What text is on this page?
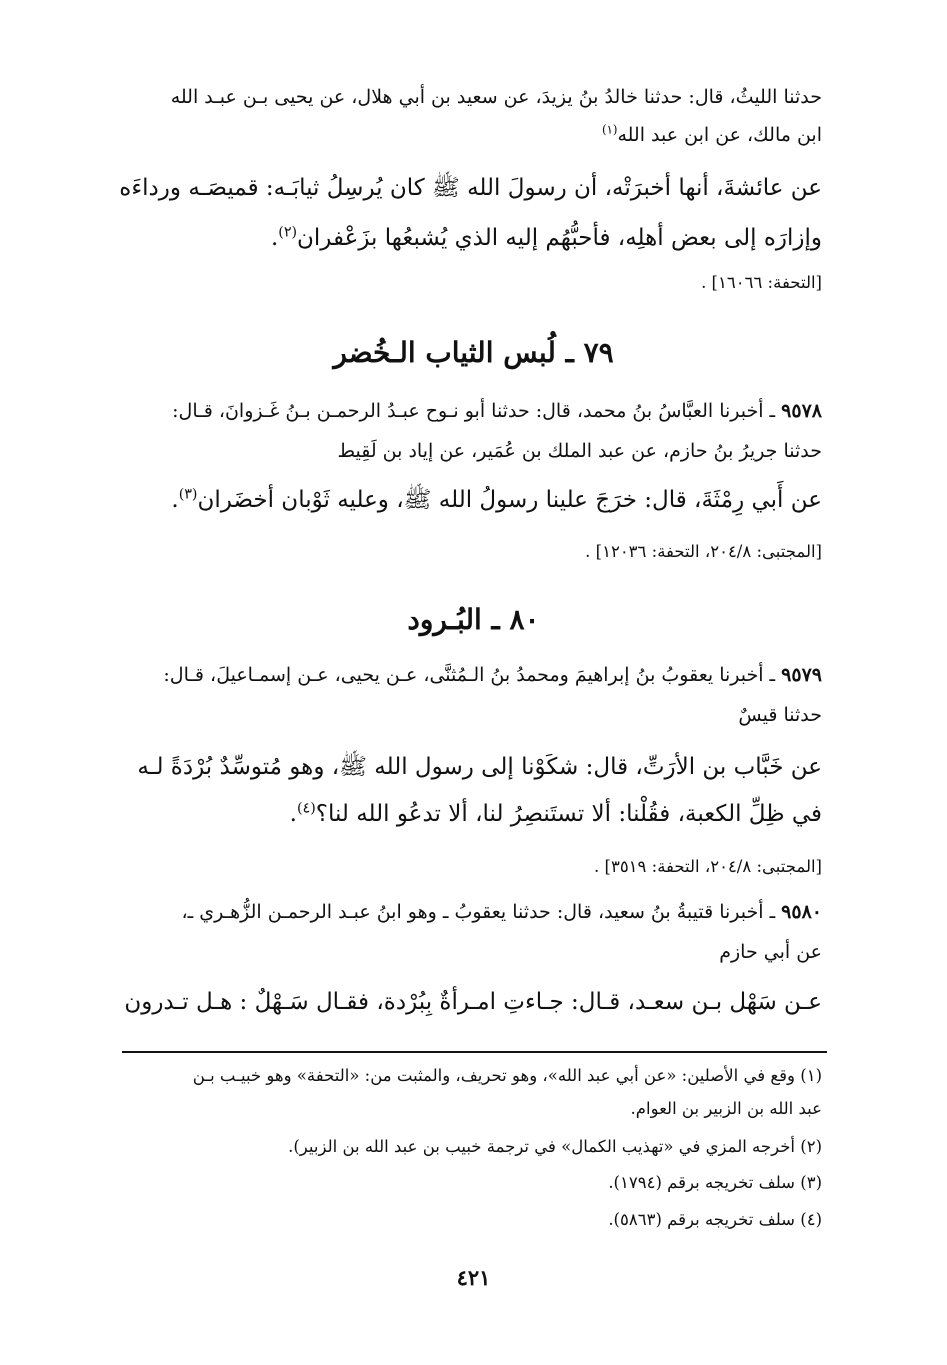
حدثنا الليثُ، قال: حدثنا خالدُ بنُ يزيدَ، عن سعيد بن أبي هلال، عن يحيى بـن عبـد الله
ابن مالك، عن ابن عبد الله$^{(١)}$
عن عائشةَ، أنها أخبرَتْه، أن رسولَ الله ﷺ كان يُرسِلُ ثيابَـه: قميصَـه ورداءَه
وإزارَه إلى بعض أهلِه، فأحبُّهُم إليه الذي يُشبعُها بزَعْفران$^{(٢)}$.
[التحفة: ١٦٠٦٦] .
٧٩ ـ لُبس الثياب الـخُضر
٩٥٧٨ ـ أخبرنا العبَّاسُ بنُ محمد، قال: حدثنا أبو نـوح عبـدُ الرحمـن بـنُ غَـزوانَ، قـال:
حدثنا جريرُ بنُ حازم، عن عبد الملك بن عُمَير، عن إياد بن لَقِيط
عن أَبي رِمْثَةَ، قال: خرَجَ علينا رسولُ الله ﷺ، وعليه ثَوْبان أخضَران$^{(٣)}$.
[المجتبى: ٢٠٤/٨، التحفة: ١٢٠٣٦] .
٨٠ ـ البُـرود
٩٥٧٩ ـ أخبرنا يعقوبُ بنُ إبراهيمَ ومحمدُ بنُ الـمُثنَّى، عـن يحيى، عـن إسمـاعيلَ، قـال:
حدثنا قيسٌ
عن خَبَّاب بن الأرَتِّ، قال: شكَوْنا إلى رسول الله ﷺ، وهو مُتوسِّدٌ بُرْدَةً لـه
في ظِلِّ الكعبة، فقُلْنا: ألا تستَنصِرُ لنا، ألا تدعُو الله لنا؟$^{(٤)}$.
[المجتبى: ٢٠٤/٨، التحفة: ٣٥١٩] .
٩٥٨٠ ـ أخبرنا قتيبةُ بنُ سعيد، قال: حدثنا يعقوبُ ـ وهو ابنُ عبـد الرحمـن الزُّهـري ـ،
عن أبي حازم
عـن سَهْل بـن سعـد، قـال: جـاءتِ امـرأةٌ بِبُرْدة، فقـال سَـهْلٌ : هـل تـدرون
(١) وقع في الأصلين: «عن أبي عبد الله»، وهو تحريف، والمثبت من: «التحفة» وهو خبيـب بـن
عبد الله بن الزبير بن العوام.
(٢) أخرجه المزي في «تهذيب الكمال» في ترجمة خبيب بن عبد الله بن الزبير).
(٣) سلف تخريجه برقم (١٧٩٤).
(٤) سلف تخريجه برقم (٥٨٦٣).
٤٢١
